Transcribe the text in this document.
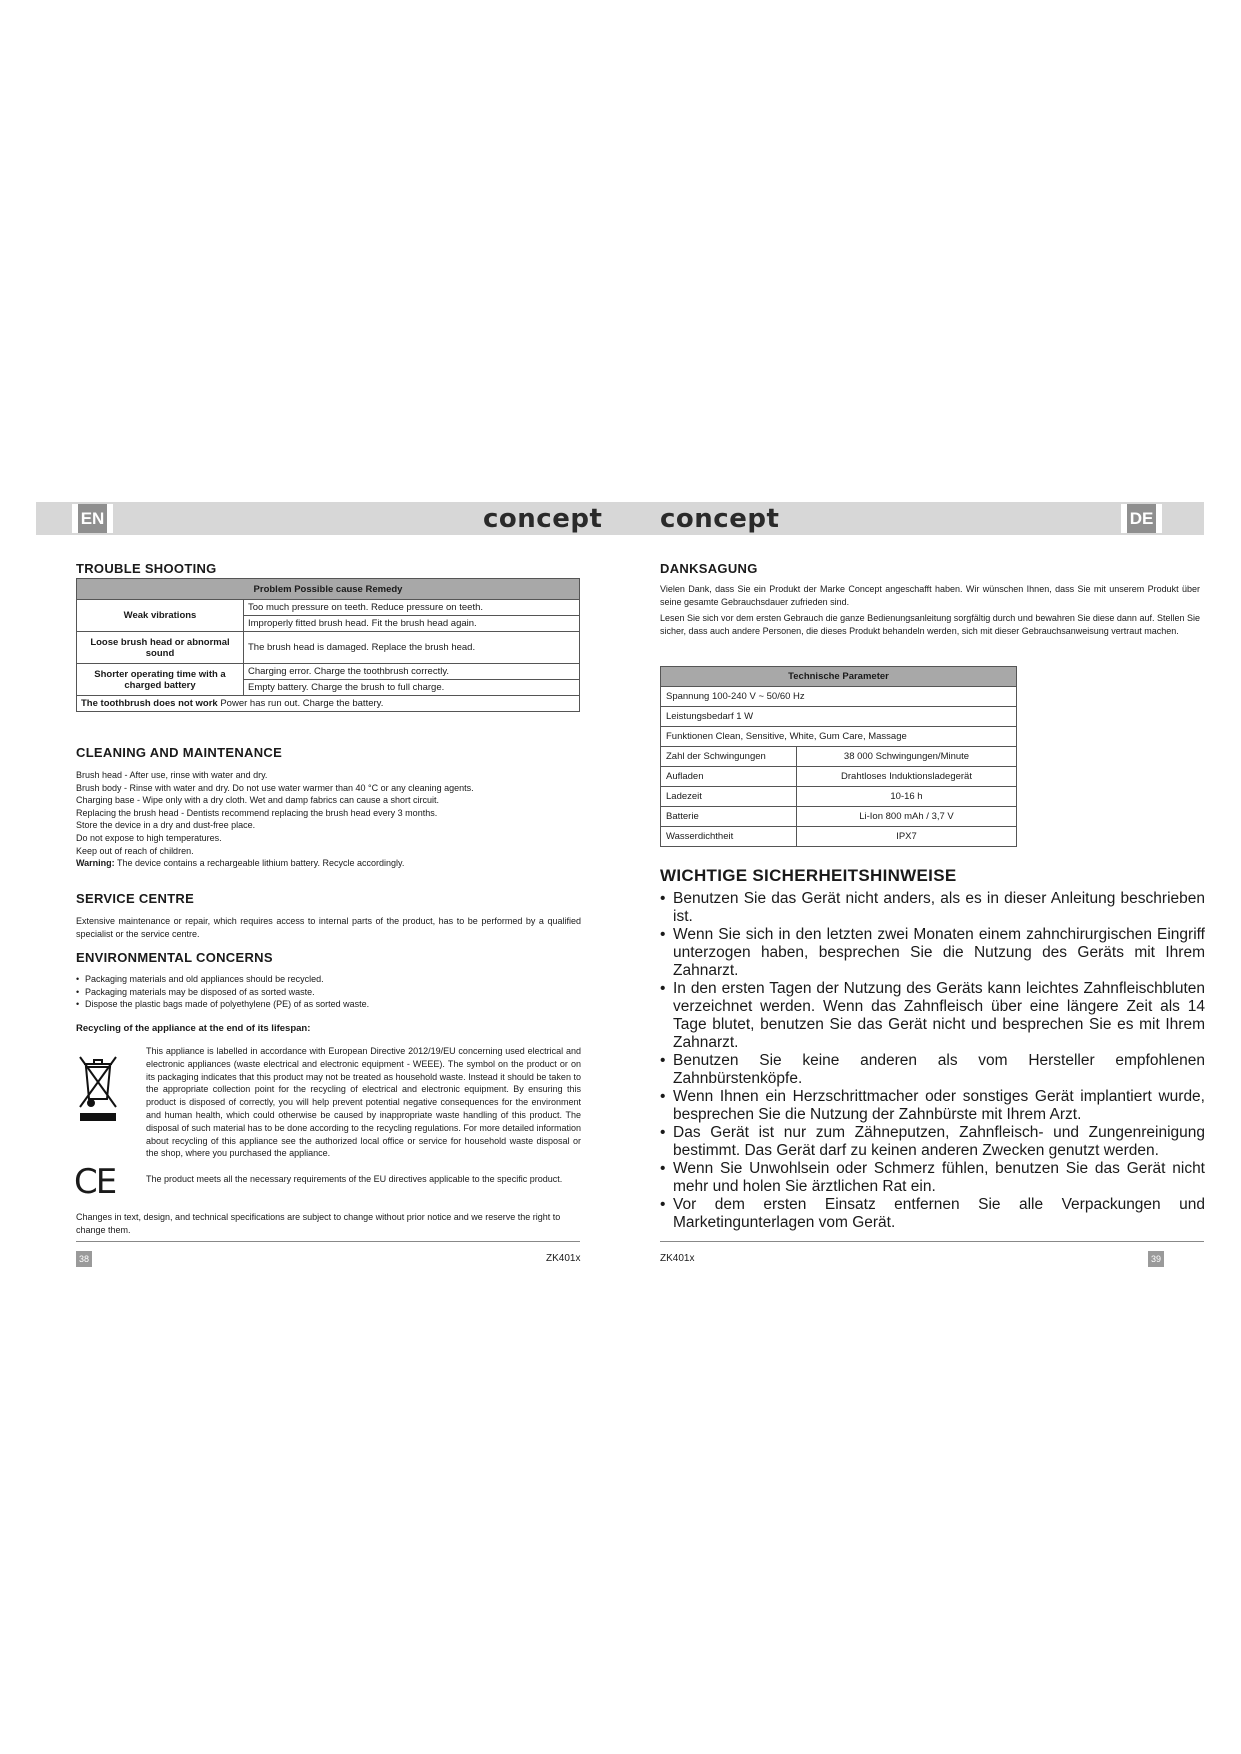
EN	concept
TROUBLE SHOOTING
Problem Possible cause Remedy	
Weak vibrations	Too much pressure on teeth. Reduce pressure on teeth.
	Improperly fitted brush head. Fit the brush head again.
Loose brush head or abnormal sound	The brush head is damaged. Replace the brush head.
Shorter operating time with a charged battery	Charging error. Charge the toothbrush correctly.
	Empty battery. Charge the brush to full charge.
The toothbrush does not work Power has run out. Charge the battery.	
CLEANING AND MAINTENANCE
Brush head - After use, rinse with water and dry.
Brush body - Rinse with water and dry. Do not use water warmer than 40 °C or any cleaning agents.
Charging base - Wipe only with a dry cloth. Wet and damp fabrics can cause a short circuit.
Replacing the brush head - Dentists recommend replacing the brush head every 3 months.
Store the device in a dry and dust-free place.
Do not expose to high temperatures.
Keep out of reach of children.
Warning: The device contains a rechargeable lithium battery. Recycle accordingly.
SERVICE CENTRE

Extensive maintenance or repair, which requires access to internal parts of the product, has to be performed by a qualified specialist or the service centre.

ENVIRONMENTAL CONCERNS
• Packaging materials and old appliances should be recycled.
• Packaging materials may be disposed of as sorted waste.
• Dispose the plastic bags made of polyethylene (PE) of as sorted waste.

Recycling of the appliance at the end of its lifespan:

This appliance is labelled in accordance with European Directive 2012/19/EU concerning used electrical and electronic appliances (waste electrical and electronic equipment - WEEE). The symbol on the product or on its packaging indicates that this product may not be treated as household waste. Instead it should be taken to the appropriate collection point for the recycling of electrical and electronic equipment. By ensuring this product is disposed of correctly, you will help prevent potential negative consequences for the environment and human health, which could otherwise be caused by inappropriate waste handling of this product. The disposal of such material has to be done according to the recycling regulations. For more detailed information about recycling of this appliance see the authorized local office or service for household waste disposal or the shop, where you purchased the appliance.

CE	The product meets all the necessary requirements of the EU directives applicable to the specific product.

Changes in text, design, and technical specifications are subject to change without prior notice and we reserve the right to change them.

38	ZK401x
DE
concept
DANKSAGUNG

Vielen Dank, dass Sie ein Produkt der Marke Concept angeschafft haben. Wir wünschen Ihnen, dass Sie mit unserem Produkt über seine gesamte Gebrauchsdauer zufrieden sind.

Lesen Sie sich vor dem ersten Gebrauch die ganze Bedienungsanleitung sorgfältig durch und bewahren Sie diese dann auf. Stellen Sie sicher, dass auch andere Personen, die dieses Produkt behandeln werden, sich mit dieser Gebrauchsanweisung vertraut machen.

Technische Parameter	
Spannung 100-240 V ~ 50/60 Hz	
Leistungsbedarf 1 W	
Funktionen Clean, Sensitive, White, Gum Care, Massage	
Zahl der Schwingungen	38 000 Schwingungen/Minute
Aufladen	Drahtloses Induktionsladegerät
Ladezeit	10-16 h
Batterie	Li-Ion 800 mAh / 3,7 V
Wasserdichtheit	IPX7
WICHTIGE SICHERHEITSHINWEISE
• Benutzen Sie das Gerät nicht anders, als es in dieser Anleitung beschrieben ist.
• Wenn Sie sich in den letzten zwei Monaten einem zahnchirurgischen Eingriff unterzogen haben, besprechen Sie die Nutzung des Geräts mit Ihrem Zahnarzt.
• In den ersten Tagen der Nutzung des Geräts kann leichtes Zahnfleischbluten verzeichnet werden. Wenn das Zahnfleisch über eine längere Zeit als 14 Tage blutet, benutzen Sie das Gerät nicht und besprechen Sie es mit Ihrem Zahnarzt.
• Benutzen Sie keine anderen als vom Hersteller empfohlenen Zahnbürstenköpfe.
• Wenn Ihnen ein Herzschrittmacher oder sonstiges Gerät implantiert wurde, besprechen Sie die Nutzung der Zahnbürste mit Ihrem Arzt.
• Das Gerät ist nur zum Zähneputzen, Zahnfleisch- und Zungenreinigung bestimmt. Das Gerät darf zu keinen anderen Zwecken genutzt werden.
• Wenn Sie Unwohlsein oder Schmerz fühlen, benutzen Sie das Gerät nicht mehr und holen Sie ärztlichen Rat ein.
• Vor dem ersten Einsatz entfernen Sie alle Verpackungen und Marketingunterlagen vom Gerät.
ZK401x	39
